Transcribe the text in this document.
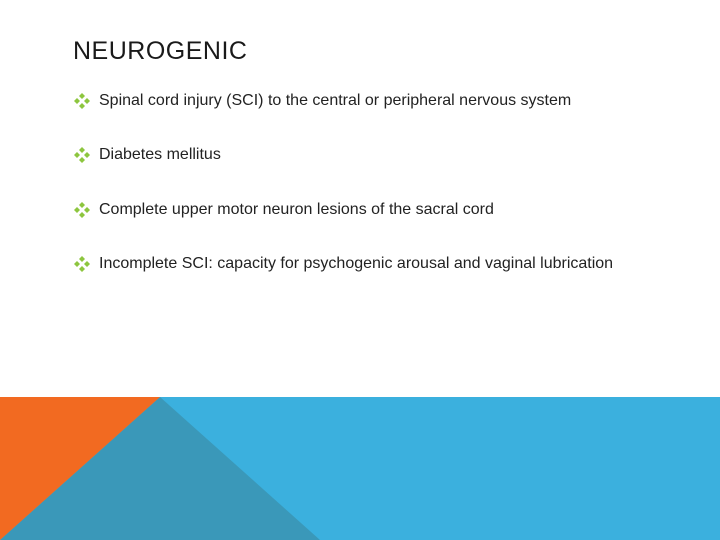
NEUROGENIC
Spinal cord injury (SCI) to the central or peripheral nervous system
Diabetes mellitus
Complete upper motor neuron lesions of the sacral cord
Incomplete SCI: capacity for psychogenic arousal and vaginal lubrication
